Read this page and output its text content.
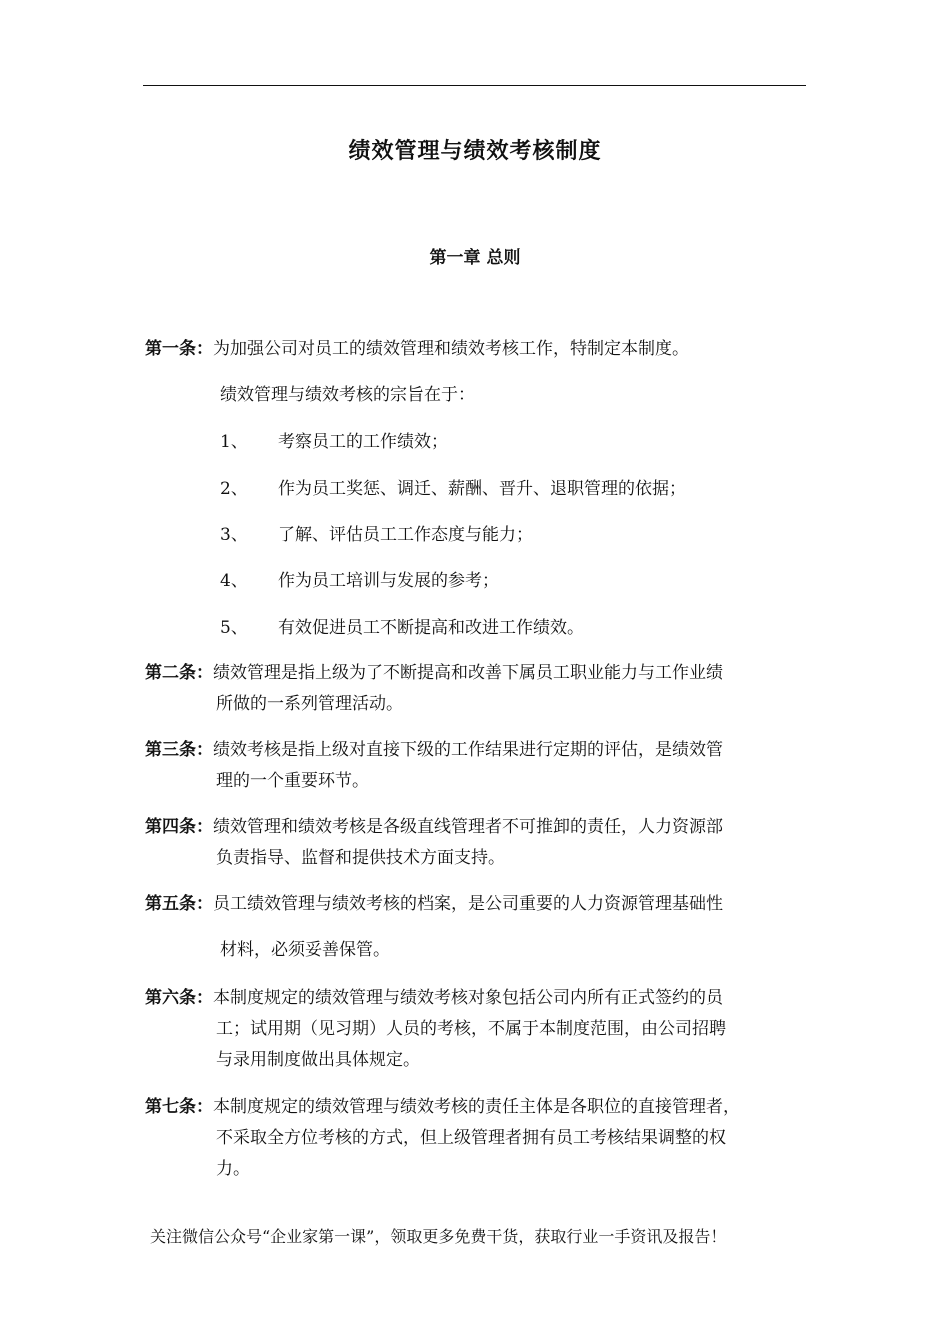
绩效管理与绩效考核制度
第一章 总则
第一条：为加强公司对员工的绩效管理和绩效考核工作，特制定本制度。
绩效管理与绩效考核的宗旨在于：
1、 考察员工的工作绩效；
2、 作为员工奖惩、调迁、薪酬、晋升、退职管理的依据；
3、 了解、评估员工工作态度与能力；
4、 作为员工培训与发展的参考；
5、 有效促进员工不断提高和改进工作绩效。
第二条：绩效管理是指上级为了不断提高和改善下属员工职业能力与工作业绩
所做的一系列管理活动。
第三条：绩效考核是指上级对直接下级的工作结果进行定期的评估，是绩效管
理的一个重要环节。
第四条：绩效管理和绩效考核是各级直线管理者不可推卸的责任，人力资源部
负责指导、监督和提供技术方面支持。
第五条：员工绩效管理与绩效考核的档案，是公司重要的人力资源管理基础性
材料，必须妥善保管。
第六条：本制度规定的绩效管理与绩效考核对象包括公司内所有正式签约的员
工；试用期（见习期）人员的考核，不属于本制度范围，由公司招聘
与录用制度做出具体规定。
第七条：本制度规定的绩效管理与绩效考核的责任主体是各职位的直接管理者，
不采取全方位考核的方式，但上级管理者拥有员工考核结果调整的权
力。
关注微信公众号“企业家第一课”，领取更多免费干货，获取行业一手资讯及报告！
